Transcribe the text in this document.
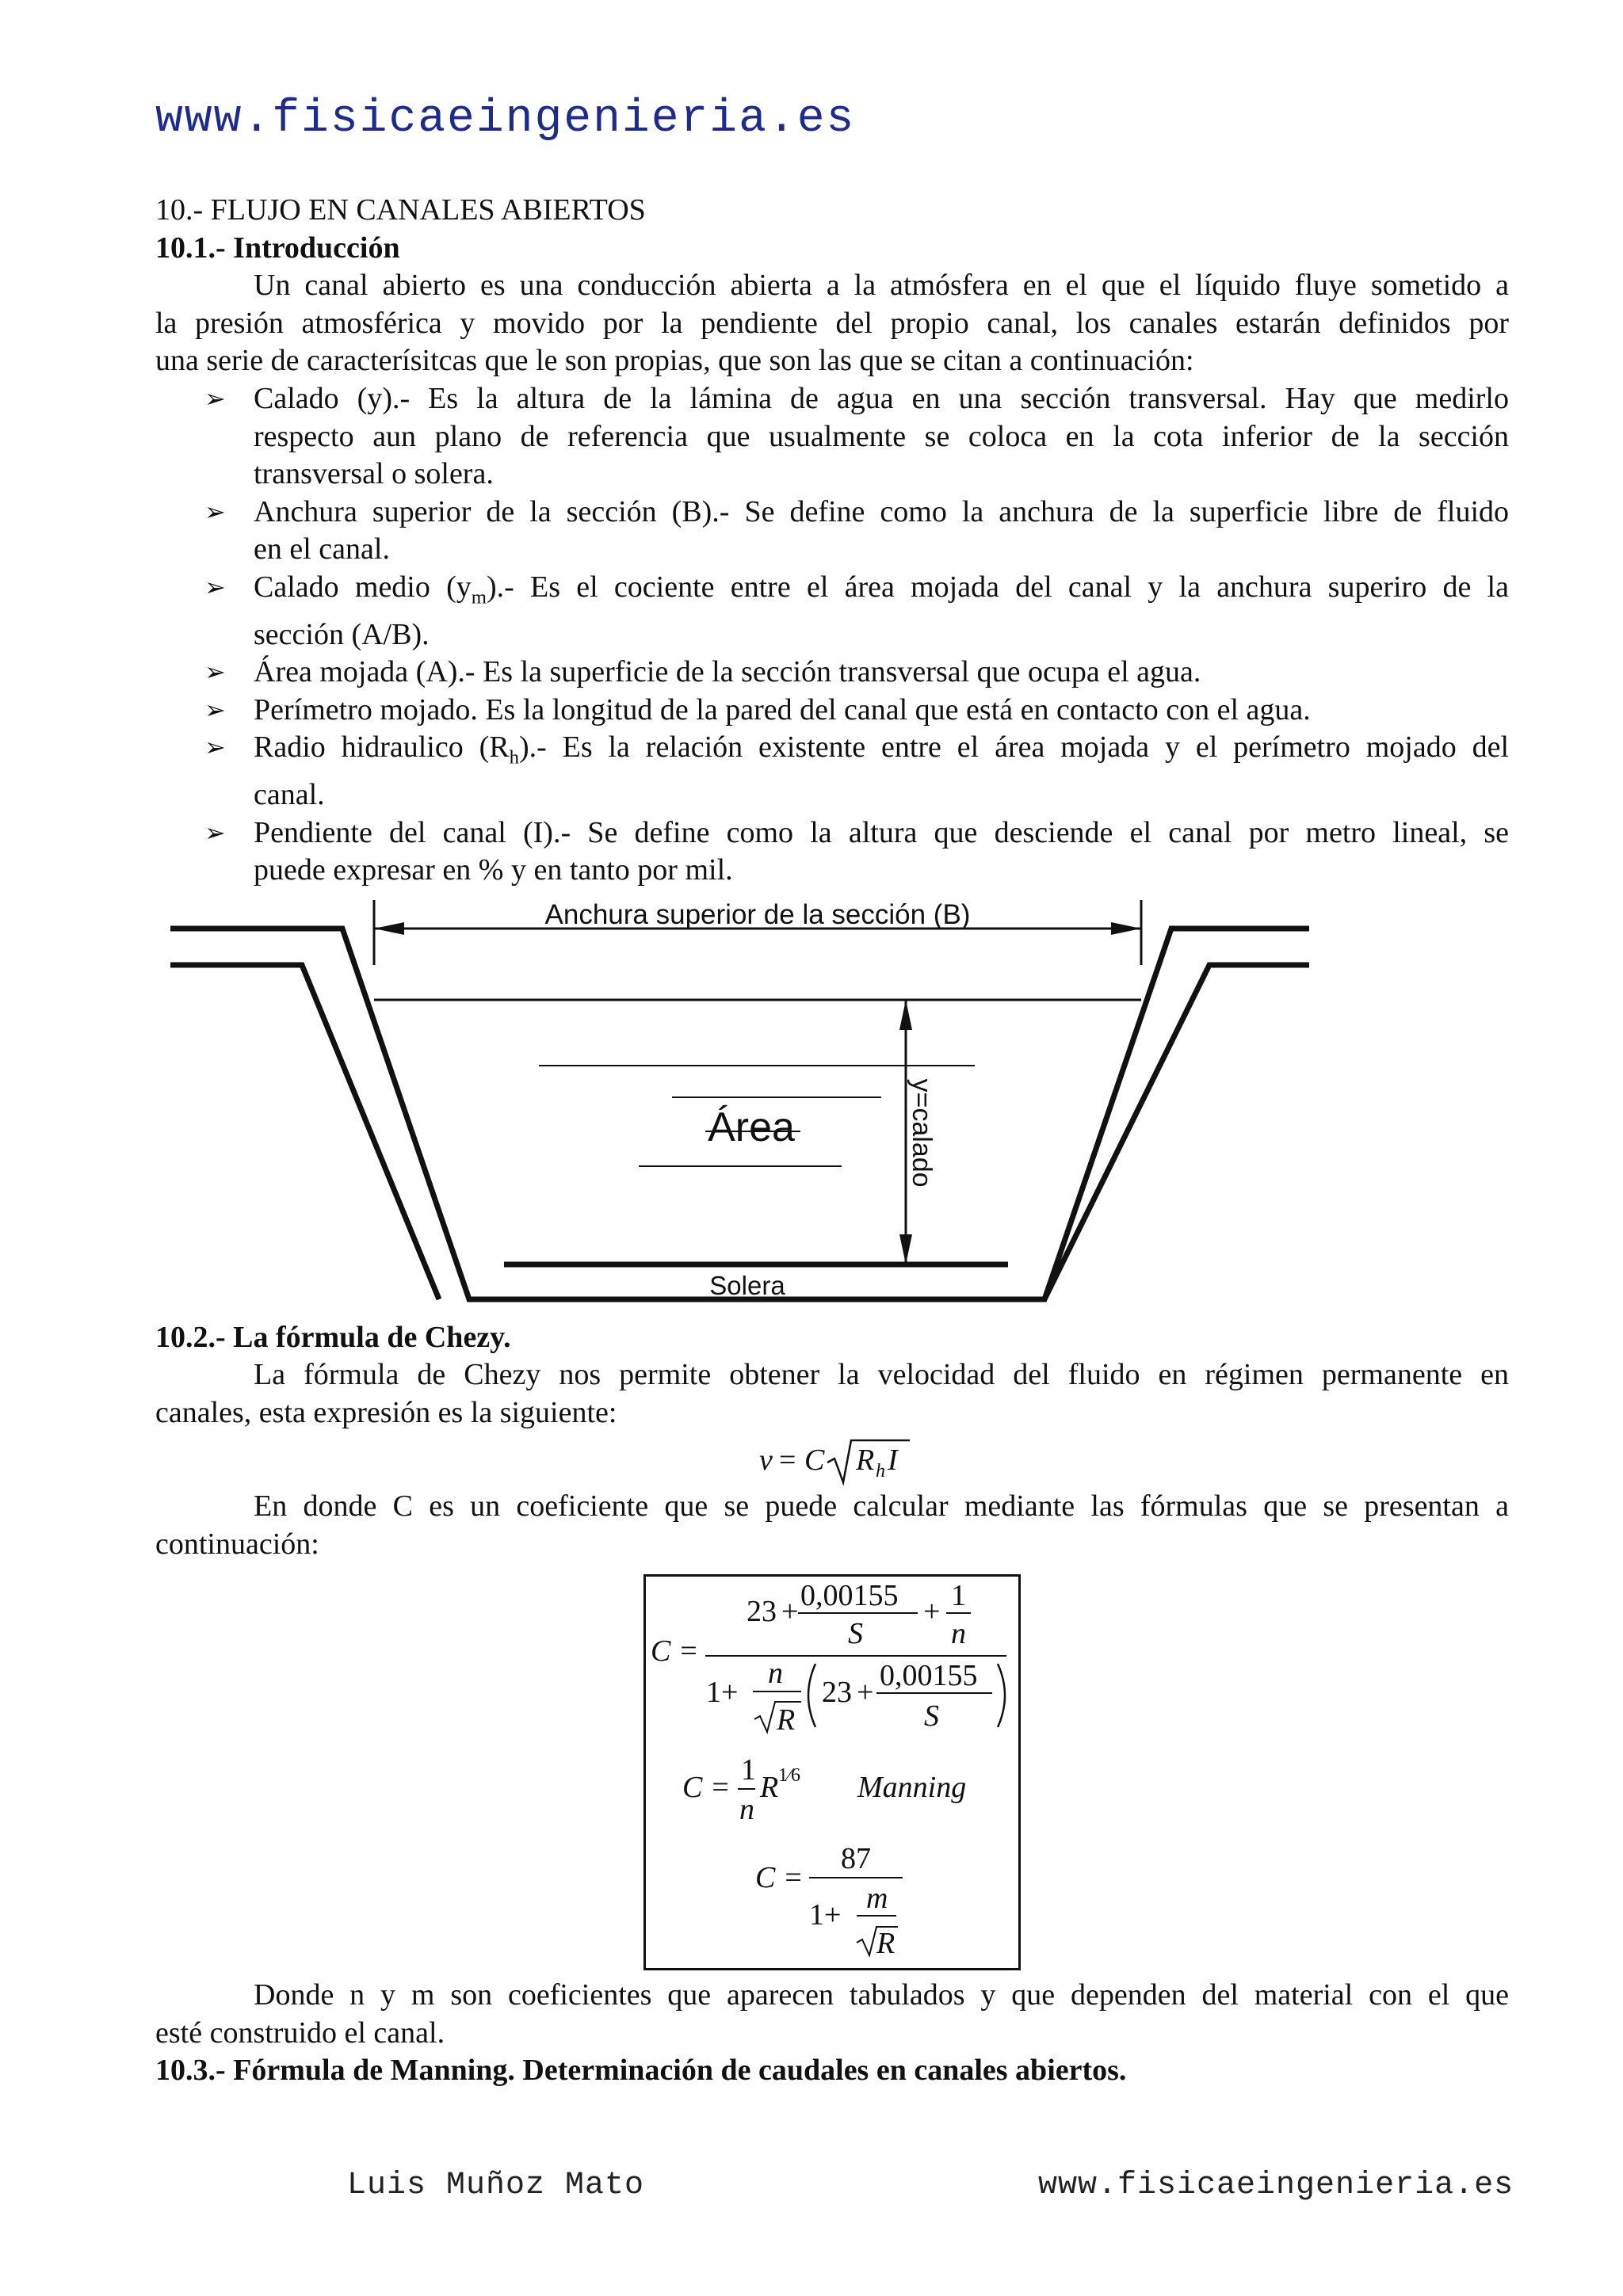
www.fisicaeingenieria.es
10.- FLUJO EN CANALES ABIERTOS
10.1.- Introducción
Un canal abierto es una conducción abierta a la atmósfera en el que el líquido fluye sometido a
la presión atmosférica y movido por la pendiente del propio canal, los canales estarán definidos por
una serie de caracterísitcas que le son propias, que son las que se citan a continuación:
➢ Calado (y).- Es la altura de la lámina de agua en una sección transversal. Hay que medirlo
respecto aun plano de referencia que usualmente se coloca en la cota inferior de la sección
transversal o solera.
➢ Anchura superior de la sección (B).- Se define como la anchura de la superficie libre de fluido
en el canal.
➢ Calado medio $(y_m).-$ Es el cociente entre el área mojada del canal y la anchura superiro de la
sección (A/B).
➢ Área mojada (A).- Es la superficie de la sección transversal que ocupa el agua.
➢ Perímetro mojado. Es la longitud de la pared del canal que está en contacto con el agua.
➢ Radio hidraulico $(R_h).-$ Es la relación existente entre el área mojada y el perímetro mojado del
canal.
➢ Pendiente del canal (I).- Se define como la altura que desciende el canal por metro lineal, se
puede expresar en % y en tanto por mil.
Anchura superior de la sección (B)
Área	y=calado
Solera
10.2.- La fórmula de Chezy.
La fórmula de Chezy nos permite obtener la velocidad del fluido en régimen permanente en
canales, esta expresión es la siguiente:
v = C R h I
En donde C es un coeficiente que se puede calcular mediante las fórmulas que se presentan a
continuación:
C =
23 + 0,00155
S
+ 1
n
1+
n
R
23 + 0,00155
S
C =
1
n
R 1⁄6 Manning
C =
87
1+ m
R
Donde n y m son coeficientes que aparecen tabulados y que dependen del material con el que
esté construido el canal.
10.3.- Fórmula de Manning. Determinación de caudales en canales abiertos.
Luis Muñoz Mato	www.fisicaeingenieria.es
